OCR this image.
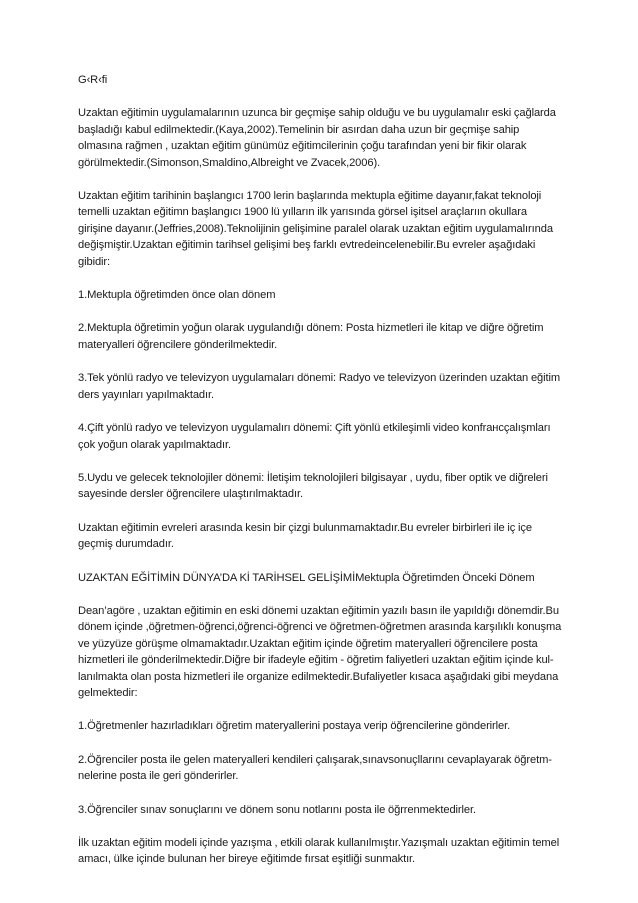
G‹R‹fi

Uzaktan eğitimin uygulamalarının uzunca bir geçmişe sahip olduğu ve bu uygulamalır eski çağlarda başladığı kabul edilmektedir.(Kaya,2002).Temelinin bir asırdan daha uzun bir geçmişe sahip olmasına rağmen , uzaktan eğitim günümüz eğitimcilerinin çoğu tarafından yeni bir fikir olarak görülmektedir.(Simonson,Smaldino,Albreight ve Zvacek,2006).

Uzaktan eğitim tarihinin başlangıcı 1700 lerin başlarında mektupla eğitime dayanır,fakat teknoloji temelli uzaktan eğitimn başlangıcı 1900 lü yılların ilk yarısında görsel işitsel araçlarıın okullara girişine dayanır.(Jeffries,2008).Teknolijinin gelişimine paralel olarak uzaktan eğitim uygulamalırında değişmiştir.Uzaktan eğitimin tarihsel gelişimi beş farklı evtredeincelenebilir.Bu evreler aşağıdaki gibidir:

1.Mektupla öğretimden önce olan dönem

2.Mektupla öğretimin yoğun olarak uygulandığı dönem: Posta hizmetleri ile kitap ve diğre öğretim materyalleri öğrencilere gönderilmektedir.

3.Tek yönlü radyo ve televizyon uygulamaları dönemi: Radyo ve televizyon üzerinden uzaktan eğitim ders yayınları yapılmaktadır.

4.Çift yönlü radyo ve televizyon uygulamalırı dönemi: Çift yönlü etkileşimli video konfrансçalışmları çok yoğun olarak yapılmaktadır.

5.Uydu ve gelecek teknolojiler dönemi: İletişim teknolojileri bilgisayar , uydu, fiber optik ve diğreleri sayesinde dersler öğrencilere ulaştırılmaktadır.

Uzaktan eğitimin evreleri arasında kesin bir çizgi bulunmamaktadır.Bu evreler birbirleri ile iç içe geçmiş durumdadır.

UZAKTAN EĞİTİMİN DÜNYA’DA Kİ TARİHSEL GELİŞİMİMektupla Öğretimden Önceki Dönem

Dean’agöre , uzaktan eğitimin en eski dönemi uzaktan eğitimin yazılı basın ile yapıldığı dönemdir.Bu dönem içinde ,öğretmen-öğrenci,öğrenci-öğrenci ve öğretmen-öğretmen arasında karşılıklı konuşma ve yüzyüze görüşme olmamaktadır.Uzaktan eğitim içinde öğretim materyalleri öğrencilere posta hizmetleri ile gönderilmektedir.Diğre bir ifadeyle eğitim - öğretim faliyetleri uzaktan eğitim içinde kul-lanılmakta olan posta hizmetleri ile organize edilmektedir.Bufaliyetler kısaca aşağıdaki gibi meydana gelmektedir:

1.Öğretmenler hazırladıkları öğretim materyallerini postaya verip öğrencilerine gönderirler.

2.Öğrenciler posta ile gelen materyalleri kendileri çalışarak,sınavsonuçllarını cevaplayarak öğretm-nelerine posta ile geri gönderirler.

3.Öğrenciler sınav sonuçlarını ve dönem sonu notlarını posta ile öğrrenmektedirler.

İlk uzaktan eğitim modeli içinde yazışma , etkili olarak kullanılmıştır.Yazışmalı uzaktan eğitimin temel amacı, ülke içinde bulunan her bireye eğitimde fırsat eşitliği sunmaktır.
